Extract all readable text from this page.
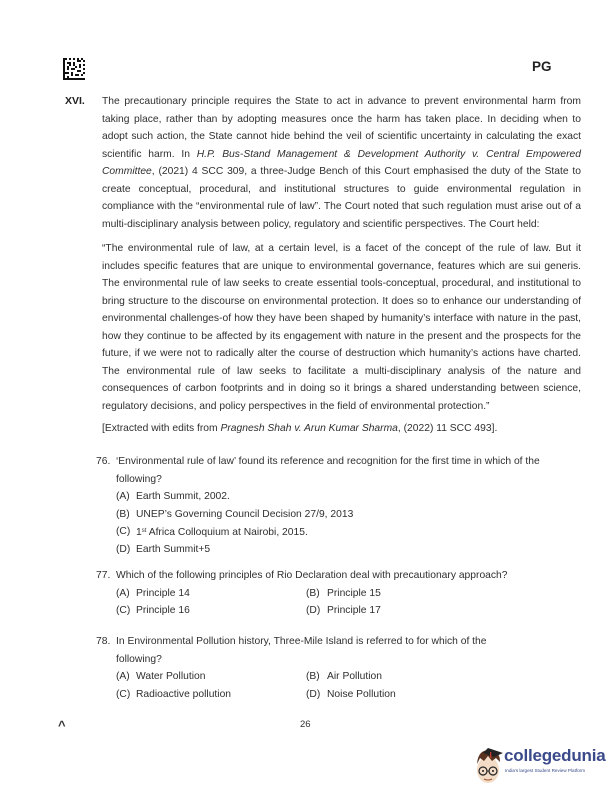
PG
XVI. The precautionary principle requires the State to act in advance to prevent environmental harm from taking place, rather than by adopting measures once the harm has taken place. In deciding when to adopt such action, the State cannot hide behind the veil of scientific uncertainty in calculating the exact scientific harm. In H.P. Bus-Stand Management & Development Authority v. Central Empowered Committee, (2021) 4 SCC 309, a three-Judge Bench of this Court emphasised the duty of the State to create conceptual, procedural, and institutional structures to guide environmental regulation in compliance with the “environmental rule of law”. The Court noted that such regulation must arise out of a multi-disciplinary analysis between policy, regulatory and scientific perspectives. The Court held:

“The environmental rule of law, at a certain level, is a facet of the concept of the rule of law. But it includes specific features that are unique to environmental governance, features which are sui generis. The environmental rule of law seeks to create essential tools-conceptual, procedural, and institutional to bring structure to the discourse on environmental protection. It does so to enhance our understanding of environmental challenges-of how they have been shaped by humanity’s interface with nature in the past, how they continue to be affected by its engagement with nature in the present and the prospects for the future, if we were not to radically alter the course of destruction which humanity’s actions have charted. The environmental rule of law seeks to facilitate a multi-disciplinary analysis of the nature and consequences of carbon footprints and in doing so it brings a shared understanding between science, regulatory decisions, and policy perspectives in the field of environmental protection.”

[Extracted with edits from Pragnesh Shah v. Arun Kumar Sharma, (2022) 11 SCC 493].
76. ‘Environmental rule of law’ found its reference and recognition for the first time in which of the following?
(A) Earth Summit, 2002.
(B) UNEP’s Governing Council Decision 27/9, 2013
(C) 1st Africa Colloquium at Nairobi, 2015.
(D) Earth Summit+5
77. Which of the following principles of Rio Declaration deal with precautionary approach?
(A) Principle 14	(B) Principle 15
(C) Principle 16	(D) Principle 17
78. In Environmental Pollution history, Three-Mile Island is referred to for which of the following?
(A) Water Pollution	(B) Air Pollution
(C) Radioactive pollution	(D) Noise Pollution
^	26
collegedunia
India's largest Student Review Platform
